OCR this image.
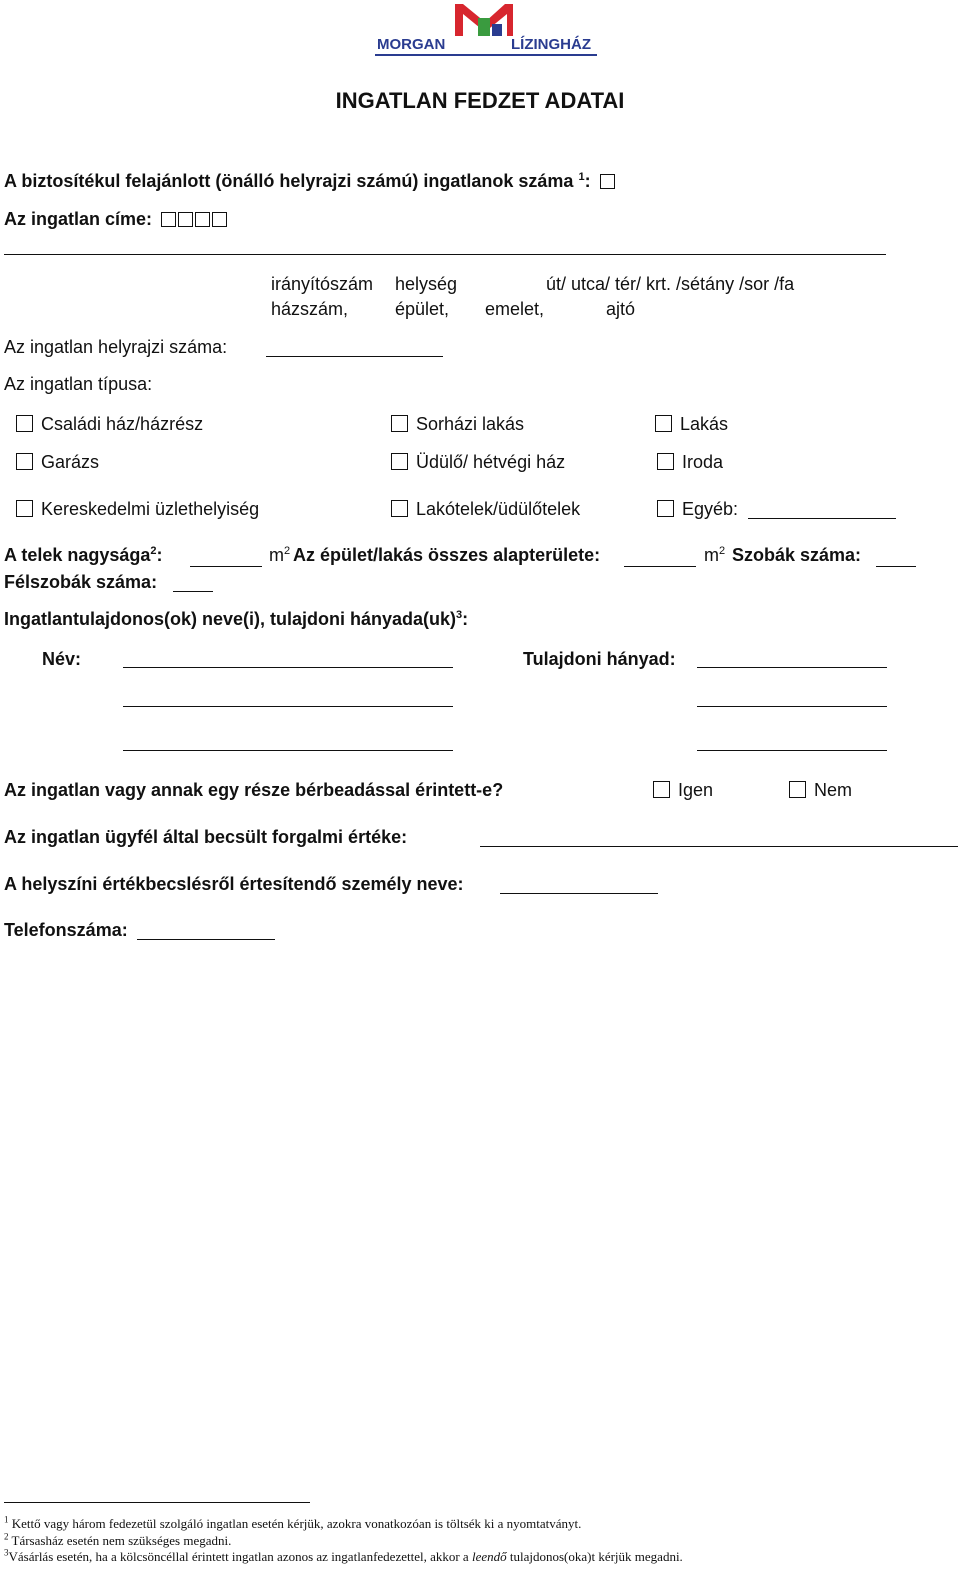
MORGAN	LÍZINGHÁZ
INGATLAN FEDZET ADATAI
A biztosítékul felajánlott (önálló helyrajzi számú) ingatlanok száma $^1$:
Az ingatlan címe:
irányítószám helység	út/ utca/ tér/ krt. /sétány /sor /fa
házszám,	épület, emelet,	ajtó
Az ingatlan helyrajzi száma:
Az ingatlan típusa:
Családi ház/házrész	Sorházi lakás	Lakás
Garázs	Üdülő/ hétvégi ház	Iroda
Kereskedelmi üzlethelyiség	Lakótelek/üdülőtelek	Egyéb:
A telek nagysága$^2$:	$m^2$ Az épület/lakás összes alapterülete:	$m^2$ Szobák száma:
Félszobák száma:
Ingatlantulajdonos(ok) neve(i), tulajdoni hányada(uk)$^3$:
Név:	Tulajdoni hányad:
Az ingatlan vagy annak egy része bérbeadással érintett-e?	Igen	Nem
Az ingatlan ügyfél által becsült forgalmi értéke:
A helyszíni értékbecslésről értesítendő személy neve:
Telefonszáma:
$^1$ Kettő vagy három fedezetül szolgáló ingatlan esetén kérjük, azokra vonatkozóan is töltsék ki a nyomtatványt.
$^2$ Társasház esetén nem szükséges megadni.
$^3$Vásárlás esetén, ha a kölcsöncéllal érintett ingatlan azonos az ingatlanfedezettel, akkor a leendő tulajdonos(oka)t kérjük megadni.
